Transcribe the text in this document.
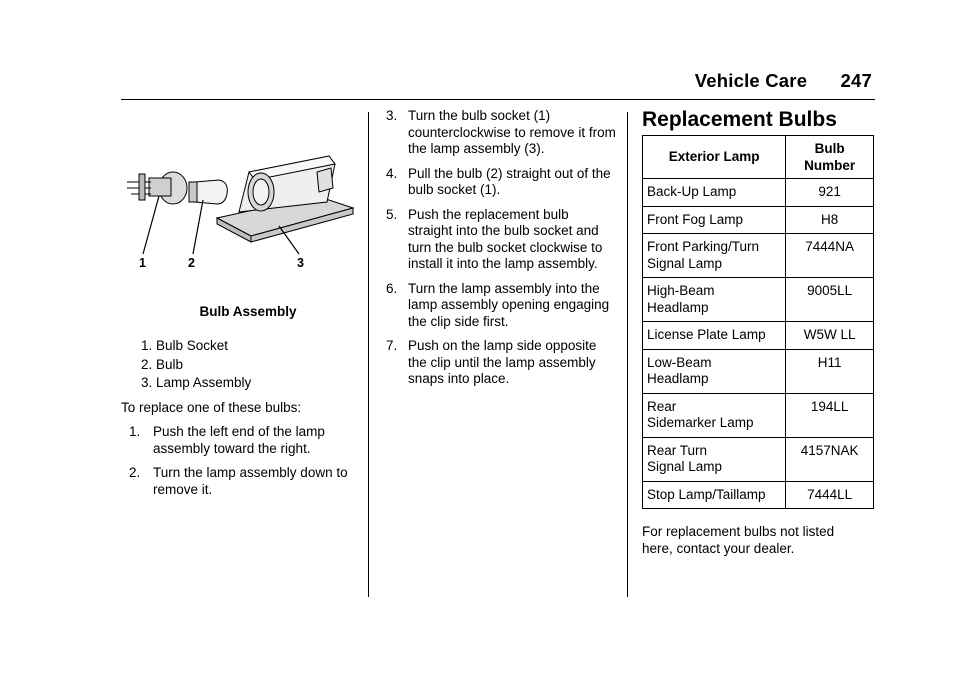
Vehicle Care 247
1	2	3
Bulb Assembly
1. Bulb Socket
2. Bulb
3. Lamp Assembly
To replace one of these bulbs:
1. Push the left end of the lamp assembly toward the right.
2. Turn the lamp assembly down to remove it.
3. Turn the bulb socket (1) counterclockwise to remove it from the lamp assembly (3).
4. Pull the bulb (2) straight out of the bulb socket (1).
5. Push the replacement bulb straight into the bulb socket and turn the bulb socket clockwise to install it into the lamp assembly.
6. Turn the lamp assembly into the lamp assembly opening engaging the clip side first.
7. Push on the lamp side opposite the clip until the lamp assembly snaps into place.
Replacement Bulbs
Exterior Lamp	Bulb
Number
Back-Up Lamp	921
Front Fog Lamp	H8
Front Parking/Turn
Signal Lamp	7444NA
High-Beam
Headlamp	9005LL
License Plate Lamp	W5W LL
Low-Beam
Headlamp	H11
Rear
Sidemarker Lamp	194LL
Rear Turn
Signal Lamp	4157NAK
Stop Lamp/Taillamp	7444LL
For replacement bulbs not listed
here, contact your dealer.
